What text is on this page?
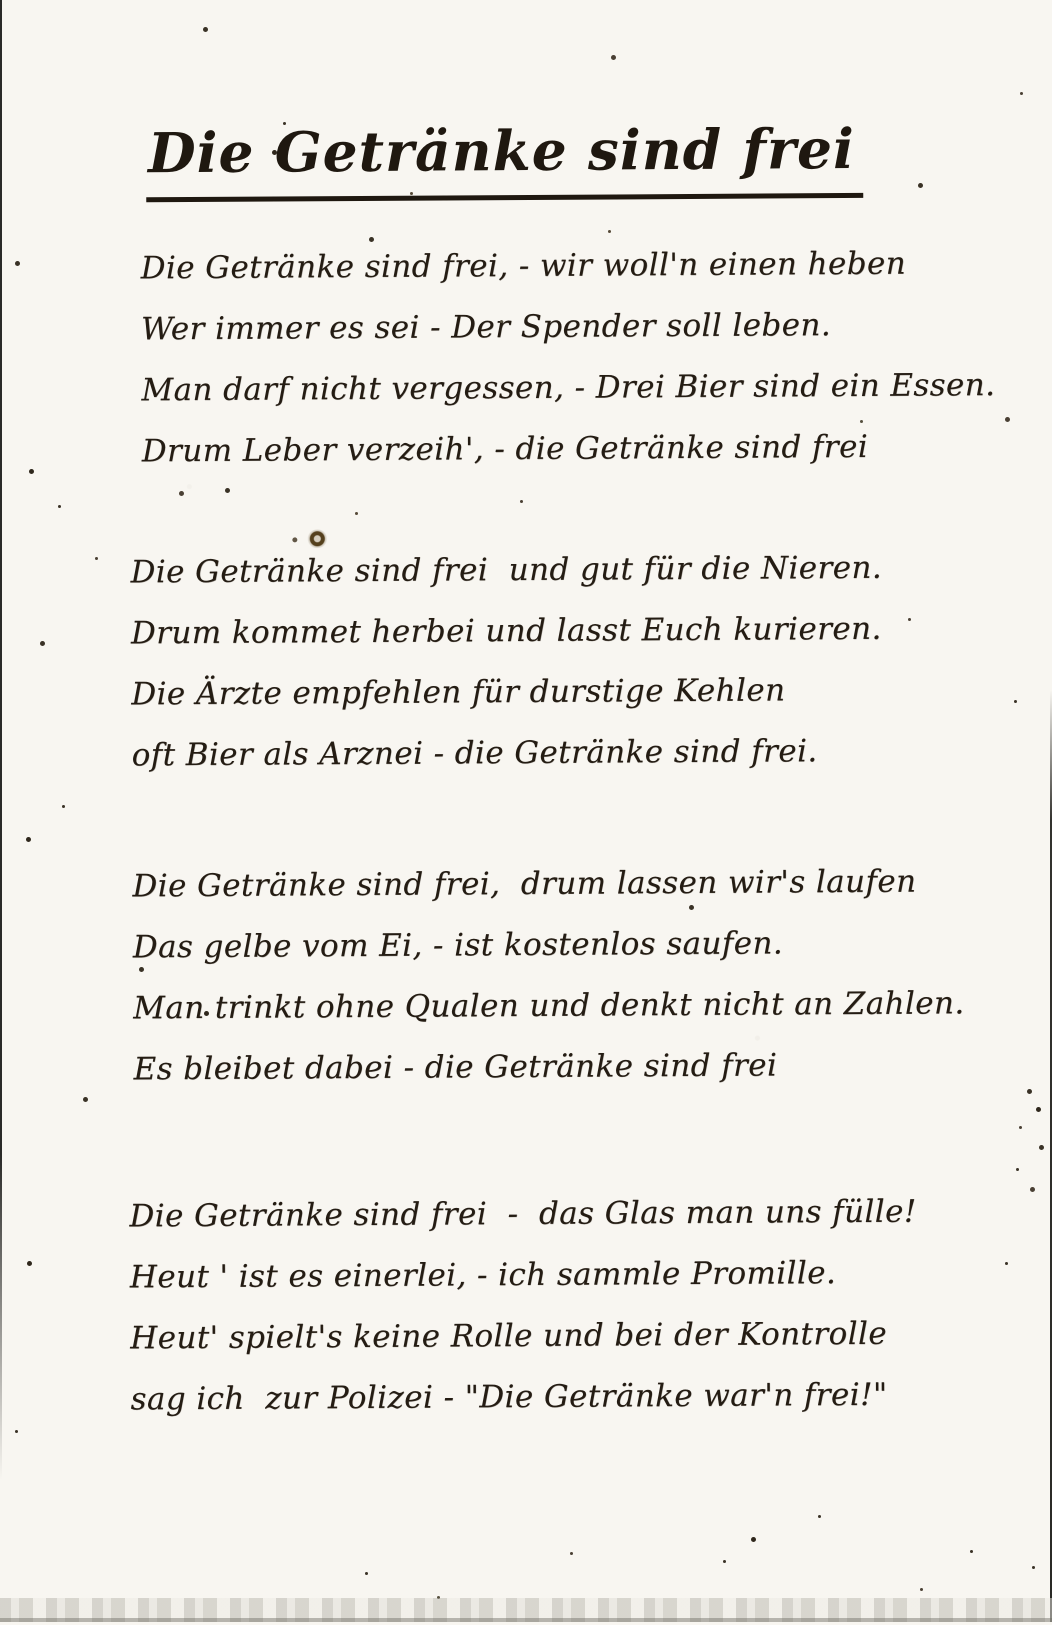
Die Getränke sind frei
Die Getränke sind frei, - wir woll'n einen heben
Wer immer es sei - Der Spender soll leben.
Man darf nicht vergessen, - Drei Bier sind ein Essen.
Drum Leber verzeih', - die Getränke sind frei
Die Getränke sind frei  und gut für die Nieren.
Drum kommet herbei und lasst Euch kurieren.
Die Ärzte empfehlen für durstige Kehlen
oft Bier als Arznei - die Getränke sind frei.
Die Getränke sind frei,  drum lassen wir's laufen
Das gelbe vom Ei, - ist kostenlos saufen.
Man trinkt ohne Qualen und denkt nicht an Zahlen.
Es bleibet dabei - die Getränke sind frei
Die Getränke sind frei  -  das Glas man uns fülle!
Heut ' ist es einerlei, - ich sammle Promille.
Heut' spielt's keine Rolle und bei der Kontrolle
sag ich  zur Polizei - "Die Getränke war'n frei!"
